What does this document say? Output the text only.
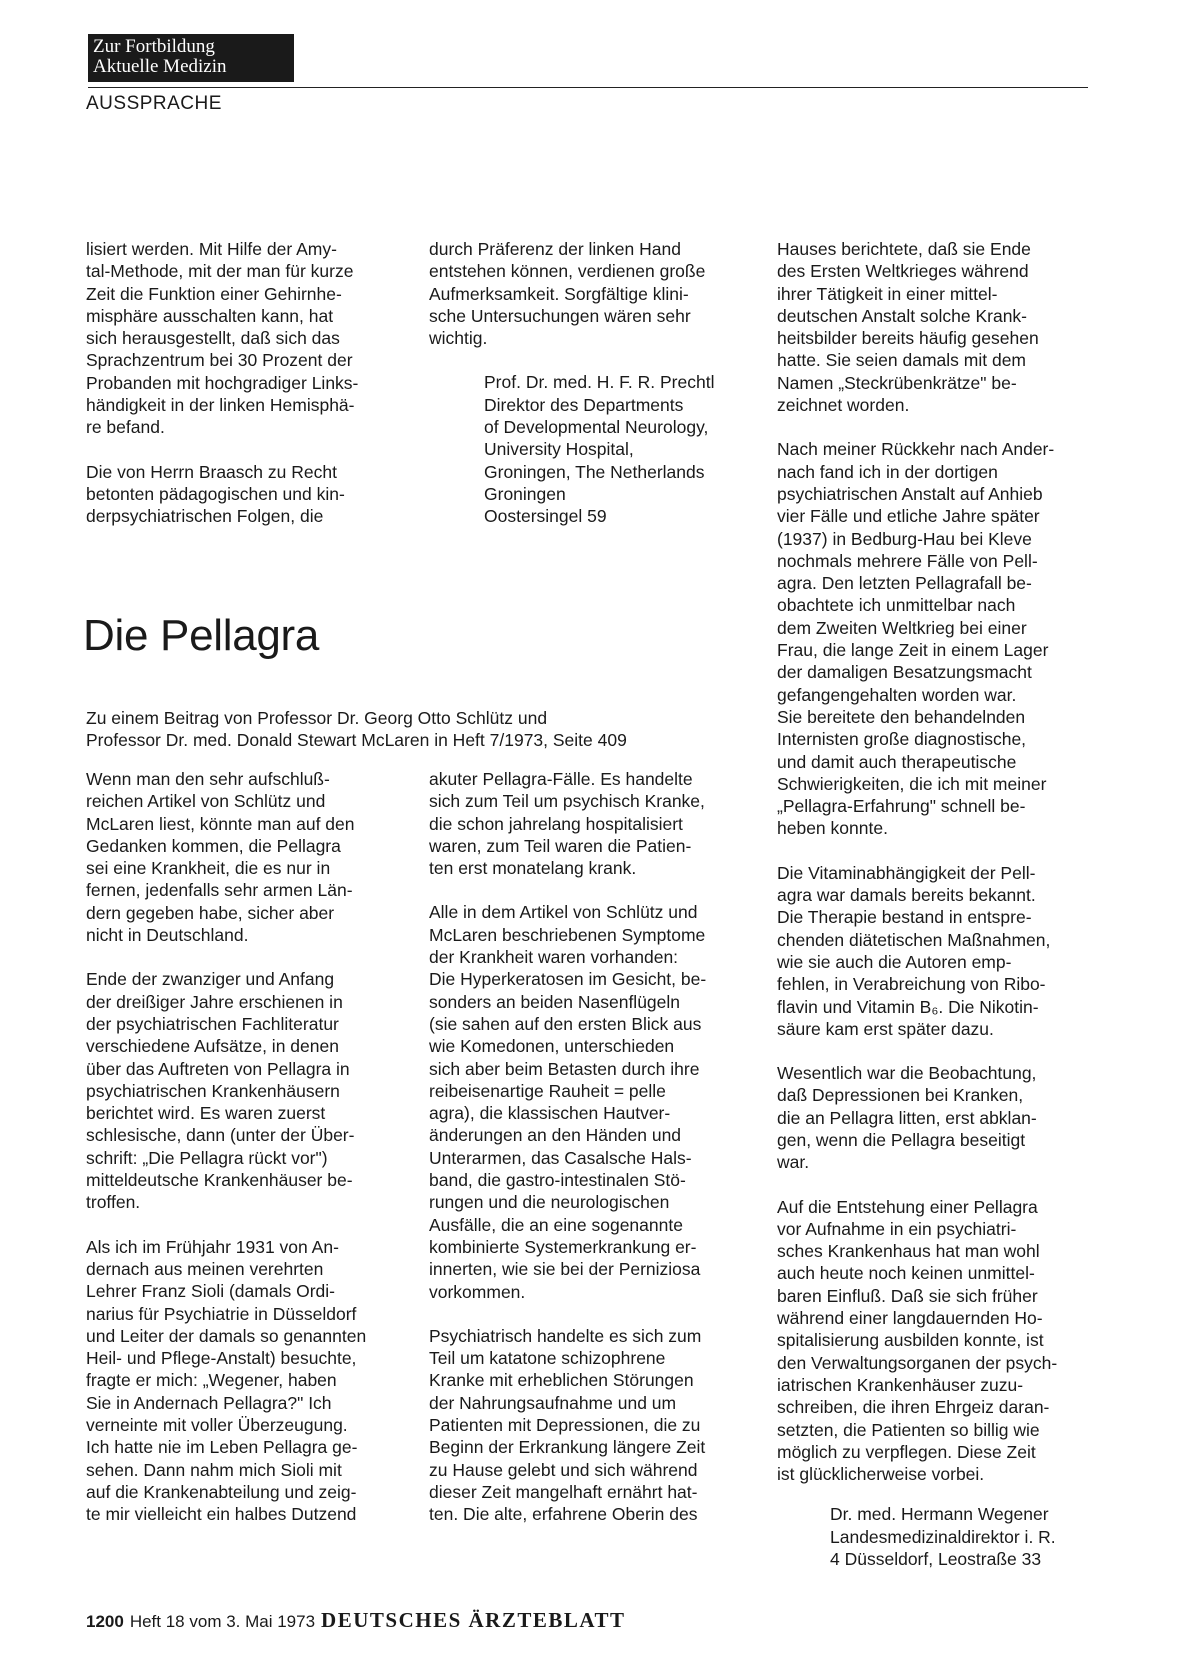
Zur Fortbildung
Aktuelle Medizin
AUSSPRACHE

lisiert werden. Mit Hilfe der Amy-
tal-Methode, mit der man für kurze
Zeit die Funktion einer Gehirnhe-
misphäre ausschalten kann, hat
sich herausgestellt, daß sich das
Sprachzentrum bei 30 Prozent der
Probanden mit hochgradiger Links-
händigkeit in der linken Hemisphä-
re befand.

Die von Herrn Braasch zu Recht
betonten pädagogischen und kin-
derpsychiatrischen Folgen, die

durch Präferenz der linken Hand
entstehen können, verdienen große
Aufmerksamkeit. Sorgfältige klini-
sche Untersuchungen wären sehr
wichtig.

Prof. Dr. med. H. F. R. Prechtl
Direktor des Departments
of Developmental Neurology,
University Hospital,
Groningen, The Netherlands
Groningen
Oostersingel 59
Die Pellagra
Zu einem Beitrag von Professor Dr. Georg Otto Schlütz und
Professor Dr. med. Donald Stewart McLaren in Heft 7/1973, Seite 409

Wenn man den sehr aufschluß-
reichen Artikel von Schlütz und
McLaren liest, könnte man auf den
Gedanken kommen, die Pellagra
sei eine Krankheit, die es nur in
fernen, jedenfalls sehr armen Län-
dern gegeben habe, sicher aber
nicht in Deutschland.

Ende der zwanziger und Anfang
der dreißiger Jahre erschienen in
der psychiatrischen Fachliteratur
verschiedene Aufsätze, in denen
über das Auftreten von Pellagra in
psychiatrischen Krankenhäusern
berichtet wird. Es waren zuerst
schlesische, dann (unter der Über-
schrift: „Die Pellagra rückt vor")
mitteldeutsche Krankenhäuser be-
troffen.

Als ich im Frühjahr 1931 von An-
dernach aus meinen verehrten
Lehrer Franz Sioli (damals Ordi-
narius für Psychiatrie in Düsseldorf
und Leiter der damals so genannten
Heil- und Pflege-Anstalt) besuchte,
fragte er mich: „Wegener, haben
Sie in Andernach Pellagra?" Ich
verneinte mit voller Überzeugung.
Ich hatte nie im Leben Pellagra ge-
sehen. Dann nahm mich Sioli mit
auf die Krankenabteilung und zeig-
te mir vielleicht ein halbes Dutzend

akuter Pellagra-Fälle. Es handelte
sich zum Teil um psychisch Kranke,
die schon jahrelang hospitalisiert
waren, zum Teil waren die Patien-
ten erst monatelang krank.

Alle in dem Artikel von Schlütz und
McLaren beschriebenen Symptome
der Krankheit waren vorhanden:
Die Hyperkeratosen im Gesicht, be-
sonders an beiden Nasenflügeln
(sie sahen auf den ersten Blick aus
wie Komedonen, unterschieden
sich aber beim Betasten durch ihre
reibeisenartige Rauheit = pelle
agra), die klassischen Hautver-
änderungen an den Händen und
Unterarmen, das Casalsche Hals-
band, die gastro-intestinalen Stö-
rungen und die neurologischen
Ausfälle, die an eine sogenannte
kombinierte Systemerkrankung er-
innerten, wie sie bei der Perniziosa
vorkommen.

Psychiatrisch handelte es sich zum
Teil um katatone schizophrene
Kranke mit erheblichen Störungen
der Nahrungsaufnahme und um
Patienten mit Depressionen, die zu
Beginn der Erkrankung längere Zeit
zu Hause gelebt und sich während
dieser Zeit mangelhaft ernährt hat-
ten. Die alte, erfahrene Oberin des

Hauses berichtete, daß sie Ende
des Ersten Weltkrieges während
ihrer Tätigkeit in einer mittel-
deutschen Anstalt solche Krank-
heitsbilder bereits häufig gesehen
hatte. Sie seien damals mit dem
Namen „Steckrübenkrätze" be-
zeichnet worden.

Nach meiner Rückkehr nach Ander-
nach fand ich in der dortigen
psychiatrischen Anstalt auf Anhieb
vier Fälle und etliche Jahre später
(1937) in Bedburg-Hau bei Kleve
nochmals mehrere Fälle von Pell-
agra. Den letzten Pellagrafall be-
obachtete ich unmittelbar nach
dem Zweiten Weltkrieg bei einer
Frau, die lange Zeit in einem Lager
der damaligen Besatzungsmacht
gefangengehalten worden war.
Sie bereitete den behandelnden
Internisten große diagnostische,
und damit auch therapeutische
Schwierigkeiten, die ich mit meiner
„Pellagra-Erfahrung" schnell be-
heben konnte.

Die Vitaminabhängigkeit der Pell-
agra war damals bereits bekannt.
Die Therapie bestand in entspre-
chenden diätetischen Maßnahmen,
wie sie auch die Autoren emp-
fehlen, in Verabreichung von Ribo-
flavin und Vitamin B₆. Die Nikotin-
säure kam erst später dazu.

Wesentlich war die Beobachtung,
daß Depressionen bei Kranken,
die an Pellagra litten, erst abklan-
gen, wenn die Pellagra beseitigt
war.

Auf die Entstehung einer Pellagra
vor Aufnahme in ein psychiatri-
sches Krankenhaus hat man wohl
auch heute noch keinen unmittel-
baren Einfluß. Daß sie sich früher
während einer langdauernden Ho-
spitalisierung ausbilden konnte, ist
den Verwaltungsorganen der psych-
iatrischen Krankenhäuser zuzu-
schreiben, die ihren Ehrgeiz daran-
setzten, die Patienten so billig wie
möglich zu verpflegen. Diese Zeit
ist glücklicherweise vorbei.

Dr. med. Hermann Wegener
Landesmedizinaldirektor i. R.
4 Düsseldorf, Leostraße 33
1200 Heft 18 vom 3. Mai 1973 DEUTSCHES ÄRZTEBLATT
